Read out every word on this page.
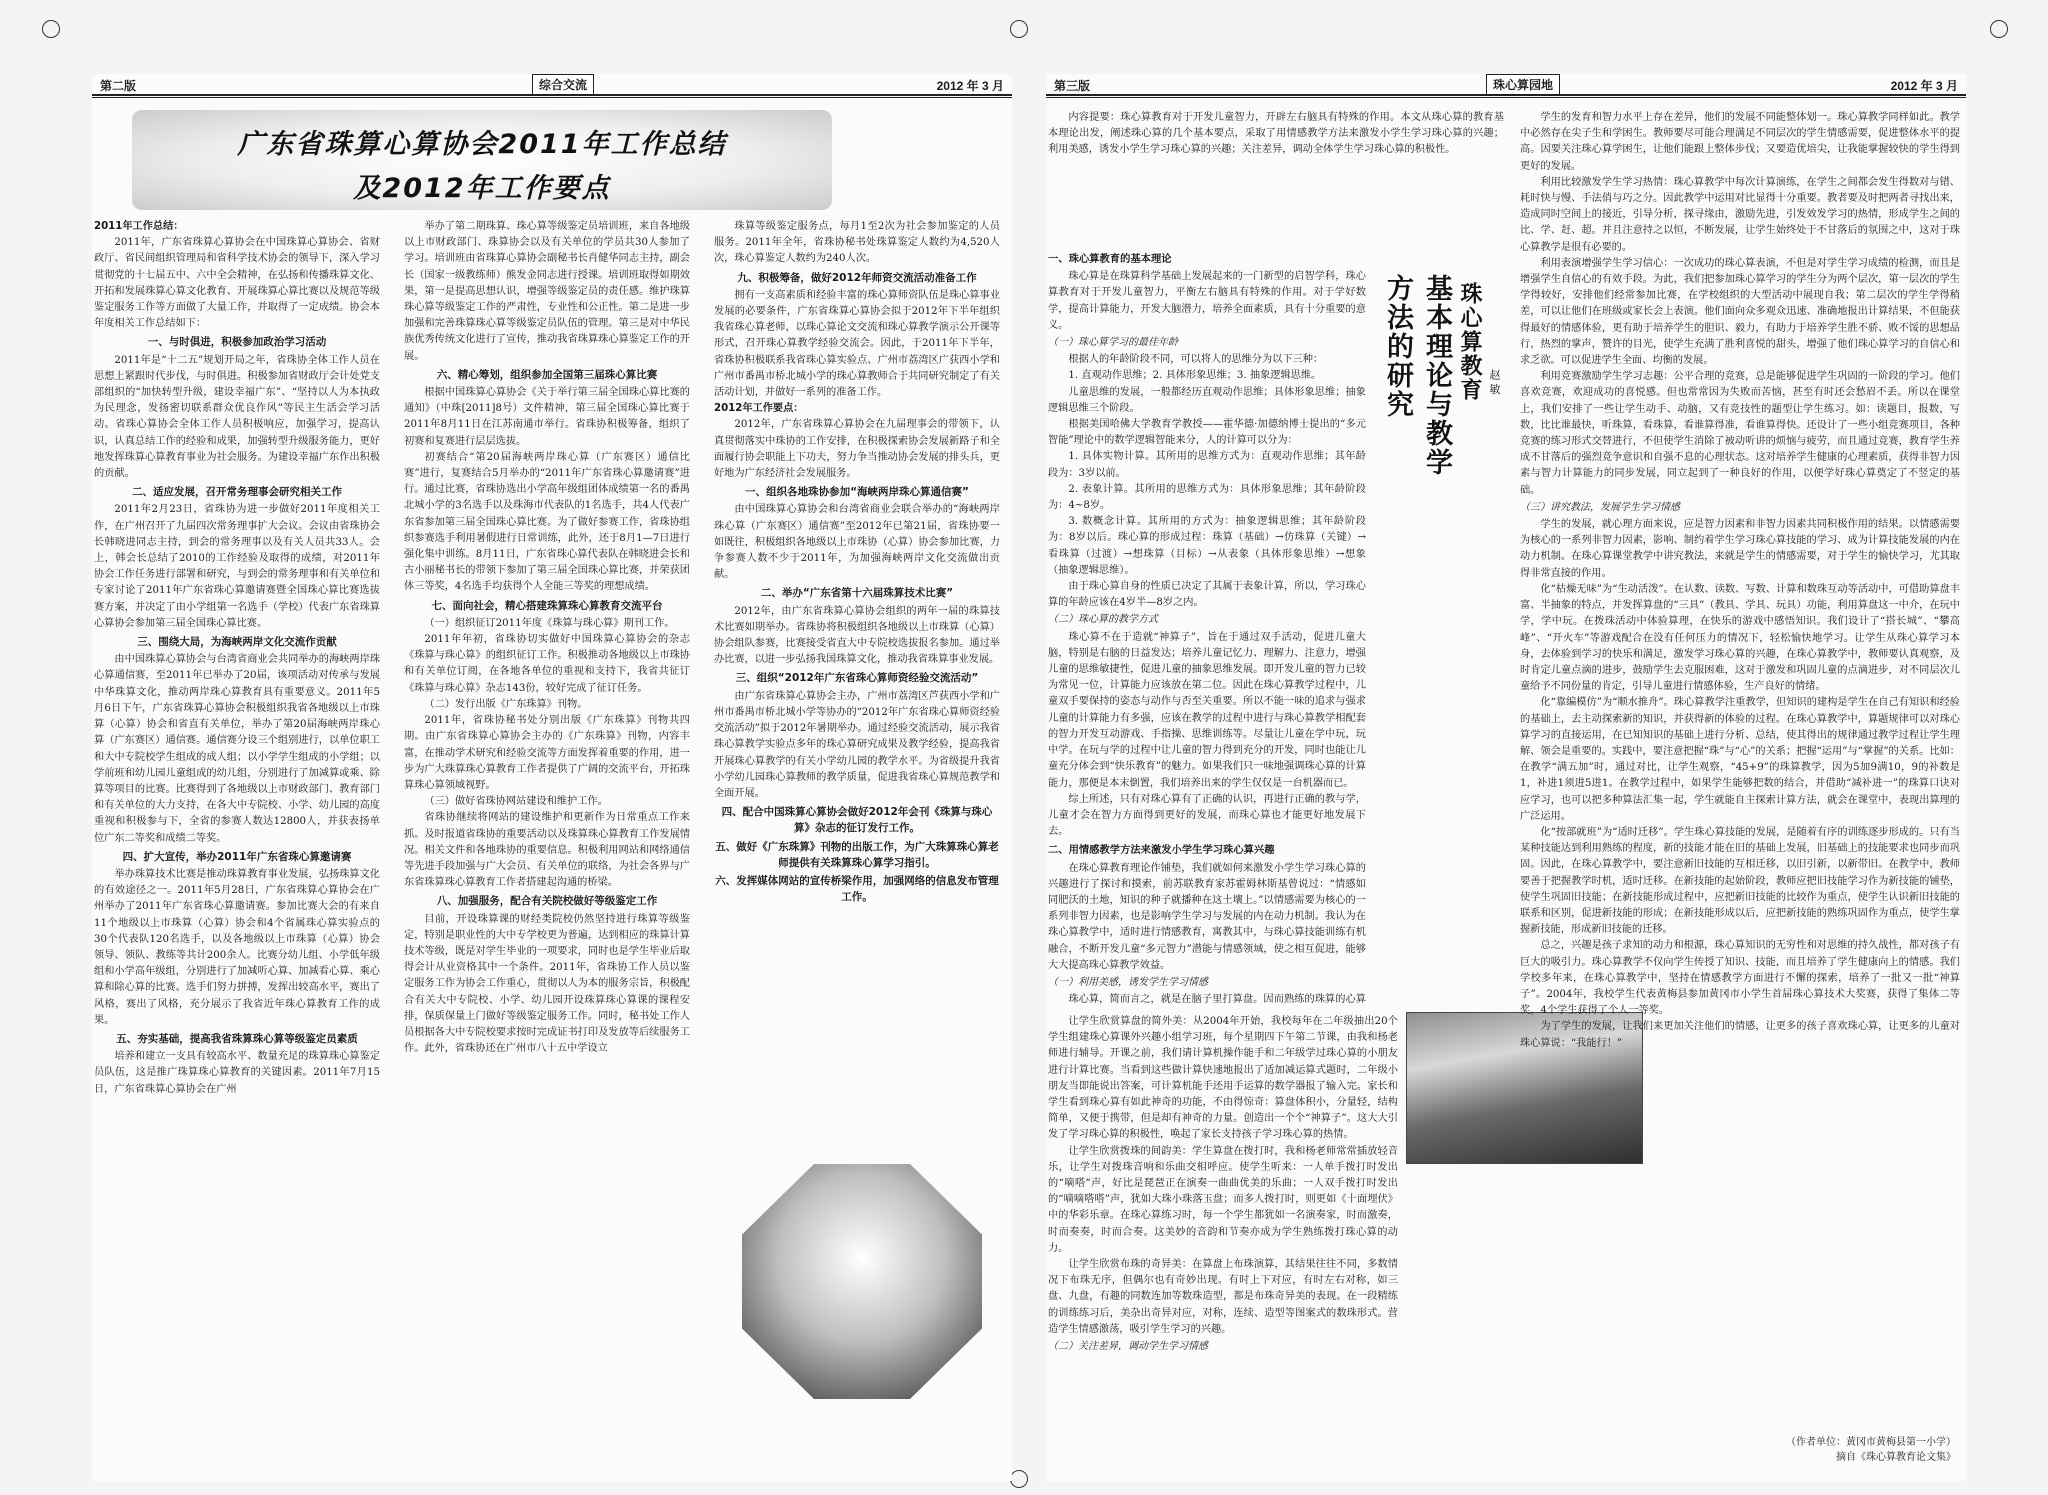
第二版	综合交流	2012 年 3 月
广东省珠算心算协会2011年工作总结
及2012年工作要点

2011年工作总结：

2011年，广东省珠算心算协会在中国珠算心算协会、省财政厅、省民间组织管理局和省科学技术协会的领导下，深入学习贯彻党的十七届五中、六中全会精神，在弘扬和传播珠算文化、开拓和发展珠算心算文化教育、开展珠算心算比赛以及规范等级鉴定服务工作等方面做了大量工作，并取得了一定成绩。协会本年度相关工作总结如下：

一、与时俱进，积极参加政治学习活动

2011年是“十二五”规划开局之年，省珠协全体工作人员在思想上紧跟时代步伐，与时俱进。积极参加省财政厅会计处党支部组织的“加快转型升级，建设幸福广东”、“坚持以人为本执政为民理念，发扬密切联系群众优良作风”等民主生活会学习活动。省珠心算协会全体工作人员积极响应，加强学习，提高认识，认真总结工作的经验和成果，加强转型升级服务能力，更好地发挥珠算心算教育事业为社会服务。为建设幸福广东作出积极的贡献。

二、适应发展，召开常务理事会研究相关工作

2011年2月23日，省珠协为进一步做好2011年度相关工作，在广州召开了九届四次常务理事扩大会议。会议由省珠协会长韩晓进同志主持，到会的常务理事以及有关人员共33人。会上，韩会长总结了2010的工作经验及取得的成绩，对2011年协会工作任务进行部署和研究，与到会的常务理事和有关单位和专家讨论了2011年广东省珠心算邀请赛暨全国珠心算比赛选拔赛方案，并决定了由小学组第一名选手（学校）代表广东省珠算心算协会参加第三届全国珠心算比赛。

三、围绕大局，为海峡两岸文化交流作贡献

由中国珠算心算协会与台湾省商业会共同举办的海峡两岸珠心算通信赛，至2011年已举办了20届，该项活动对传承与发展中华珠算文化，推动两岸珠心算教育具有重要意义。2011年5月6日下午，广东省珠算心算协会积极组织我省各地级以上市珠算（心算）协会和省直有关单位，举办了第20届海峡两岸珠心算（广东赛区）通信赛。通信赛分设三个组别进行，以单位职工和大中专院校学生组成的成人组；以小学学生组成的小学组；以学前班和幼儿园儿童组成的幼儿组，分别进行了加减算或乘、除算等项目的比赛。比赛得到了各地级以上市财政部门、教育部门和有关单位的大力支持，在各大中专院校、小学、幼儿园的高度重视和积极参与下，全省的参赛人数达12800人，并获表扬单位广东二等奖和成绩二等奖。

四、扩大宣传，举办2011年广东省珠心算邀请赛

举办珠算技术比赛是推动珠算教育事业发展，弘扬珠算文化的有效途径之一。2011年5月28日，广东省珠算心算协会在广州举办了2011年广东省珠心算邀请赛。参加比赛大会的有来自11个地级以上市珠算（心算）协会和4个省属珠心算实验点的30个代表队120名选手，以及各地级以上市珠算（心算）协会领导、领队、教练等共计200余人。比赛分幼儿组、小学低年级组和小学高年级组，分别进行了加减听心算、加减看心算、乘心算和除心算的比赛。选手们努力拼搏，发挥出较高水平，赛出了风格，赛出了风格，充分展示了我省近年珠心算教育工作的成果。

五、夯实基础，提高我省珠算珠心算等级鉴定员素质

培养和建立一支具有较高水平、数量充足的珠算珠心算鉴定员队伍，这是推广珠算珠心算教育的关键因素。2011年7月15日，广东省珠算心算协会在广州

举办了第二期珠算、珠心算等级鉴定员培训班，来自各地级以上市财政部门、珠算协会以及有关单位的学员共30人参加了学习。培训班由省珠算心算协会副秘书长肖健华同志主持，副会长（国家一级教练师）熊发金同志进行授课。培训班取得如期效果，第一是提高思想认识，增强等级鉴定员的责任感。维护珠算珠心算等级鉴定工作的严肃性，专业性和公正性。第二是进一步加强和完善珠算珠心算等级鉴定员队伍的管理。第三是对中华民族优秀传统文化进行了宣传，推动我省珠算珠心算鉴定工作的开展。

六、精心筹划，组织参加全国第三届珠心算比赛

根据中国珠算心算协会《关于举行第三届全国珠心算比赛的通知》（中珠[2011]8号）文件精神，第三届全国珠心算比赛于2011年8月11日在江苏南通市举行。省珠协积极筹备，组织了初赛和复赛进行层层选拔。

初赛结合“第20届海峡两岸珠心算（广东赛区）通信比赛”进行，复赛结合5月举办的“2011年广东省珠心算邀请赛”进行。通过比赛，省珠协选出小学高年级组团体成绩第一名的番禺北城小学的3名选手以及珠海市代表队的1名选手，共4人代表广东省参加第三届全国珠心算比赛。为了做好参赛工作，省珠协组织参赛选手利用暑假进行日常训练，此外，还于8月1—7日进行强化集中训练。8月11日，广东省珠心算代表队在韩晓进会长和古小丽秘书长的带领下参加了第三届全国珠心算比赛，并荣获团体三等奖，4名选手均获得个人全能三等奖的理想成绩。

七、面向社会，精心搭建珠算珠心算教育交流平台

（一）组织征订2011年度《珠算与珠心算》期刊工作。

2011年年初，省珠协切实做好中国珠算心算协会的杂志《珠算与珠心算》的组织征订工作。积极推动各地级以上市珠协和有关单位订阅，在各地各单位的重视和支持下，我省共征订《珠算与珠心算》杂志143份，较好完成了征订任务。

（二）发行出版《广东珠算》刊物。

2011年，省珠协秘书处分别出版《广东珠算》刊物共四期。由广东省珠算心算协会主办的《广东珠算》刊物，内容丰富，在推动学术研究和经验交流等方面发挥着重要的作用，进一步为广大珠算珠心算教育工作者提供了广阔的交流平台，开拓珠算珠心算领域视野。

（三）做好省珠协网站建设和维护工作。

省珠协继续将网站的建设维护和更新作为日常重点工作来抓。及时报道省珠协的重要活动以及珠算珠心算教育工作发展情况。相关文件和各地珠协的重要信息。积极利用网站和网络通信等先进手段加强与广大会员、有关单位的联络，为社会各界与广东省珠算珠心算教育工作者搭建起沟通的桥梁。

八、加强服务，配合有关院校做好等级鉴定工作

目前，开设珠算课的财经类院校仍然坚持进行珠算等级鉴定，特别是职业性的大中专学校更为普遍，达到相应的珠算计算技术等级，既是对学生毕业的一项要求，同时也是学生毕业后取得会计从业资格其中一个条件。2011年，省珠协工作人员以鉴定服务工作为协会工作重心，贯彻以人为本的服务宗旨，积极配合有关大中专院校、小学、幼儿园开设珠算珠心算课的课程安排，保质保量上门做好等级鉴定服务工作。同时，秘书处工作人员根据各大中专院校要求按时完成证书打印及发放等后续服务工作。此外，省珠协还在广州市八十五中学设立

珠算等级鉴定服务点，每月1至2次为社会参加鉴定的人员服务。2011年全年，省珠协秘书处珠算鉴定人数约为4,520人次，珠心算鉴定人数约为240人次。

九、积极筹备，做好2012年师资交流活动准备工作

拥有一支高素质和经验丰富的珠心算师资队伍是珠心算事业发展的必要条件，广东省珠算心算协会拟于2012年下半年组织我省珠心算老师，以珠心算论文交流和珠心算教学演示公开课等形式，召开珠心算教学经验交流会。因此，于2011年下半年，省珠协积极联系我省珠心算实验点、广州市荔湾区广获西小学和广州市番禺市桥北城小学的珠心算教师合于共同研究制定了有关活动计划，并做好一系列的准备工作。

2012年工作要点：

2012年，广东省珠算心算协会在九届理事会的带领下，认真贯彻落实中珠协的工作安排，在积极探索协会发展新路子和全面履行协会职能上下功夫，努力争当推动协会发展的排头兵，更好地为广东经济社会发展服务。

一、组织各地珠协参加“海峡两岸珠心算通信赛”

由中国珠算心算协会和台湾省商业会联合举办的“海峡两岸珠心算（广东赛区）通信赛”至2012年已第21届，省珠协要一如既往，积极组织各地级以上市珠协（心算）协会参加比赛，力争参赛人数不少于2011年，为加强海峡两岸文化交流做出贡献。

二、举办“广东省第十六届珠算技术比赛”

2012年，由广东省珠算心算协会组织的两年一届的珠算技术比赛如期举办。省珠协将积极组织各地级以上市珠算（心算）协会组队参赛，比赛接受省直大中专院校选拔报名参加。通过举办比赛，以进一步弘扬我国珠算文化，推动我省珠算事业发展。

三、组织“2012年广东省珠心算师资经验交流活动”

由广东省珠算心算协会主办，广州市荔湾区芦获西小学和广州市番禺市桥北城小学等协办的“2012年广东省珠心算师资经验交流活动”拟于2012年暑期举办。通过经验交流活动，展示我省珠心算教学实验点多年的珠心算研究成果及教学经验，提高我省开展珠心算教学的有关小学幼儿园的教学水平。为省级提升我省小学幼儿园珠心算教师的教学质量，促进我省珠心算规范教学和全面开展。

四、配合中国珠算心算协会做好2012年会刊《珠算与珠心算》杂志的征订发行工作。
五、做好《广东珠算》刊物的出版工作，为广大珠算珠心算老师提供有关珠算珠心算学习指引。
六、发挥媒体网站的宣传桥梁作用，加强网络的信息发布管理工作。
第三版	珠心算园地	2012 年 3 月

内容提要：珠心算教育对于开发儿童智力，开辟左右脑具有特殊的作用。本文从珠心算的教育基本理论出发，阐述珠心算的几个基本要点，采取了用情感教学方法来激发小学生学习珠心算的兴趣；利用美感，诱发小学生学习珠心算的兴趣；关注差异，调动全体学生学习珠心算的积极性。

一、珠心算教育的基本理论

珠心算是在珠算科学基础上发展起来的一门新型的启智学科，珠心算教育对于开发儿童智力，平衡左右脑具有特殊的作用。对于学好数学，提高计算能力，开发大脑潜力，培养全面素质，具有十分重要的意义。

（一）珠心算学习的最佳年龄

根据人的年龄阶段不同，可以将人的思维分为以下三种：

1. 直观动作思维；2. 具体形象思维；3. 抽象逻辑思维。

儿童思维的发展，一般都经历直观动作思维；具体形象思维；抽象逻辑思维三个阶段。

根据美国哈佛大学教育学教授——霍华德·加德纳博士提出的“多元智能”理论中的数学逻辑智能来分，人的计算可以分为：

1. 具体实物计算。其所用的思维方式为：直观动作思维；其年龄段为：3岁以前。

2. 表象计算。其所用的思维方式为：具体形象思维；其年龄阶段为：4~8岁。

3. 数概念计算。其所用的方式为：抽象逻辑思维；其年龄阶段为：8岁以后。珠心算的形成过程：珠算（基础）→仿珠算（关键）→看珠算（过渡）→想珠算（目标）→从表象（具体形象思维）→想象（抽象逻辑思维）。

由于珠心算自身的性质已决定了其属于表象计算，所以，学习珠心算的年龄应该在4岁半—8岁之内。

（二）珠心算的教学方式

珠心算不在于造就“神算子”，旨在于通过双手活动，促进儿童大脑，特别是右脑的日益发达；培养儿童记忆力、理解力、注意力，增强儿童的思维敏捷性，促进儿童的抽象思维发展。即开发儿童的智力已较为常见一位，计算能力应该放在第二位。因此在珠心算教学过程中，儿童双手要保持的姿态与动作与否至关重要。所以不能一味的追求与强求儿童的计算能力有多强，应该在教学的过程中进行与珠心算教学相配套的智力开发互动游戏、手指操、思维训练等。尽量让儿童在学中玩，玩中学。在玩与学的过程中让儿童的智力得到充分的开发，同时也能让儿童充分体会到“快乐教育”的魅力。如果我们只一味地强调珠心算的计算能力，那便是本末倒置，我们培养出来的学生仅仅是一台机器而已。

综上所述，只有对珠心算有了正确的认识，再进行正确的教与学，儿童才会在智力方面得到更好的发展，而珠心算也才能更好地发展下去。

二、用情感教学方法来激发小学生学习珠心算兴趣

在珠心算教育理论作铺垫，我们就如何来激发小学生学习珠心算的兴趣进行了探讨和摸索，前苏联教育家苏霍姆林斯基曾说过：“情感如同肥沃的土地，知识的种子就播种在这土壤上。”以情感需要为核心的一系列非智力因素，也是影响学生学习与发展的内在动力机制。我认为在珠心算教学中，适时进行情感教育，寓教其中，与珠心算技能训练有机融合，不断开发儿童“多元智力”潜能与情感领域，使之相互促进，能够大大提高珠心算教学效益。

（一）利用美感，诱发学生学习情感

珠心算，简而言之，就是在脑子里打算盘。因而熟练的珠算的心算

基本理论与教学方法的研究	珠心算教育 赵 敏

让学生欣赏算盘的简外美：从2004年开始，我校每年在二年级抽出20个学生组建珠心算课外兴趣小组学习班，每个星期四下午第二节课，由我和杨老师进行辅导。开课之前，我们请计算机操作能手和二年级学过珠心算的小朋友进行计算比赛。当看到这些做计算快速地报出了适加减运算式题时，二年级小朋友当即能说出答案，可计算机能手还用手运算的数学器报了输入完。家长和学生看到珠心算有如此神奇的功能，不由得惊奇：算盘体积小，分量轻，结构简单，又便于携带，但是却有神奇的力量。创造出一个个“神算子”。这大大引发了学习珠心算的积极性，唤起了家长支持孩子学习珠心算的热情。

让学生欣赏拨珠的间韵美：学生算盘在拨打时，我和杨老师常常插放轻音乐，让学生对拨珠音响和乐曲交相呼应。使学生听来：一人单手拨打时发出的“嘀嗒”声，好比是琵琶正在演奏一曲曲优美的乐曲；一人双手拨打时发出的“嘀嘀嗒嗒”声，犹如大珠小珠落玉盘；而多人拨打时，则更如《十面埋伏》中的华彩乐章。在珠心算练习时，每一个学生都犹如一名演奏家，时而激奏，时而奏奏，时而合奏。这美妙的音韵和节奏亦成为学生熟练拨打珠心算的动力。

让学生欣赏布珠的奇异美：在算盘上布珠演算，其结果往往不同，多数情况下布珠无序，但偶尔也有奇妙出现。有时上下对应，有时左右对称，如三盘、九盘，有趣的同数连加等数珠造型，都是布珠奇异美的表现。在一段精练的训练练习后，美杂出奇异对应，对称，连续、造型等图案式的数珠形式。营造学生情感激荡，吸引学生学习的兴趣。

（二）关注差异，调动学生学习情感

学生的发育和智力水平上存在差异，他们的发展不同能整体划一。珠心算教学同样如此。教学中必然存在尖子生和学困生。教师要尽可能合理满足不同层次的学生情感需要，促进整体水平的提高。因要关注珠心算学困生，让他们能跟上整体步伐；又要造优培尖，让我能掌握较快的学生得到更好的发展。

利用比较激发学生学习热情：珠心算教学中每次计算演练，在学生之间都会发生得数对与错、耗时快与慢、手法俏与巧之分。因此教学中运用对比显得十分重要。教者要及时把两者寻找出来，造成同时空间上的接近，引导分析，探寻缘由，激励先进，引发效发学习的热情，形成学生之间的比、学、赶、超。并且注意持之以恒，不断发展，让学生始终处于不甘落后的氛围之中，这对于珠心算教学是很有必要的。

利用表演增强学生学习信心：一次成功的珠心算表演，不但是对学生学习成绩的检测，而且是增强学生自信心的有效手段。为此，我们把参加珠心算学习的学生分为两个层次，第一层次的学生学得较好，安排他们经常参加比赛，在学校组织的大型活动中展现自我；第二层次的学生学得稍差，可以让他们在班级或家长会上表演。他们面向众多观众迅速、准确地报出计算结果，不但能获得最好的情感体验，更有助于培养学生的胆识、毅力，有助力于培养学生胜不骄、败不馁的思想品行，热烈的掌声，赞许的目光，使学生充满了胜利喜悦的甜头，增强了他们珠心算学习的自信心和求乏欲。可以促进学生全面、均衡的发展。

利用竞赛激励学生学习志趣：公平合理的竞赛，总是能够促进学生巩固的一阶段的学习。他们喜欢竞赛，欢迎成功的喜悦感。但也常常因为失败而苦恼，甚至有时还会愁眉不丢。所以在课堂上，我们安排了一些让学生动手、动脑，又有竞技性的题型让学生练习。如：读题目，报数，写数，比比谁最快，听珠算，看珠算，看谁算得准，看谁算得快。还设计了一些小组竞赛项目，各种竞赛的练习形式交替进行，不但使学生消除了被动听讲的烦恼与疲劳，而且通过竞赛，教育学生养成不甘落后的强烈竞争意识和自强不息的心理状态。这对培养学生健康的心理素质，获得非智力因素与智力计算能力的同步发展，同立起到了一种良好的作用，以便学好珠心算奠定了不竖定的基础。

（三）讲究教法，发展学生学习情感

学生的发展，就心理方面来说，应是智力因素和非智力因素共同积极作用的结果。以情感需要为核心的一系列非智力因素，影响、制约着学生学习珠心算技能的学习、成为计算技能发展的内在动力机制。在珠心算课堂教学中讲究教法，来就是学生的情感需要，对于学生的愉快学习，尤其取得非常直接的作用。

化“枯燥无味”为“生动活泼”。在认数、读数、写数、计算和数珠互动等活动中，可借助算盘丰富、半抽象的特点，并发挥算盘的“三具”（教具、学具、玩具）功能，利用算盘这一中介，在玩中学，学中玩。在拨珠活动中体验算理，在快乐的游戏中感悟知识。我们设计了“搭长城”、“攀高峰”、“开火车”等游戏配合在没有任何压力的情况下，轻松愉快地学习。让学生从珠心算学习本身，去体验到学习的快乐和满足，激发学习珠心算的兴趣，在珠心算教学中，教师要认真观察，及时肯定儿童点滴的进步，鼓励学生去克服困难，这对于激发和巩固儿童的点滴进步，对不同层次儿童给予不同份量的肯定，引导儿童进行情感体验，生产良好的情绪。

化“靠编模仿”为“顺水推舟”。珠心算教学注重教学，但知识的建构是学生在自己有知识和经验的基础上，去主动探索新的知识，并获得新的体验的过程。在珠心算教学中，算题规律可以对珠心算学习的直接运用，在已知知识的基础上进行分析、总结，使其得出的规律通过教学过程让学生理解、领会是重要的。实践中，要注意把握“珠”与“心”的关系；把握“运用”与“掌握”的关系。比如：在教学“满五加”时，通过对比，让学生观察，“45+9”的珠算教学，因为5加9满10，9的补数是1，补进1须进5进1。在教学过程中，如果学生能够把数的结合，并借助“减补进一”的珠算口诀对应学习，也可以把多种算法汇集一起，学生就能自主探索计算方法，就会在课堂中，表现出算理的广泛运用。

化“按部就班”为“适时迁移”。学生珠心算技能的发展，是随着有序的训练逐步形成的。只有当某种技能达到利用熟练的程度，新的技能才能在旧的基础上发展，旧基础上的技能要求也同步而巩固。因此，在珠心算教学中，要注意新旧技能的互相迁移，以旧引新，以新带旧。在教学中，教师要善于把握教学时机，适时迁移。在新技能的起始阶段，教师应把旧技能学习作为新技能的铺垫，使学生巩固旧技能；在新技能形成过程中，应把新旧技能的比较作为重点，使学生认识新旧技能的联系和区别，促进新技能的形成；在新技能形成以后，应把新技能的熟练巩固作为重点，使学生掌握新技能，形成新旧技能的迁移。

总之，兴趣是孩子求知的动力和根源，珠心算知识的无穷性和对思维的持久战性，都对孩子有巨大的吸引力。珠心算教学不仅向学生传授了知识、技能，而且培养了学生健康向上的情感。我们学校多年来，在珠心算教学中，坚持在情感教学方面进行不懈的探索，培养了一批又一批“神算子”。2004年，我校学生代表黄梅县参加黄冈市小学生首届珠心算技术大奖赛，获得了集体二等奖，4个学生获得了个人一等奖。

为了学生的发展，让我们来更加关注他们的情感，让更多的孩子喜欢珠心算，让更多的儿童对珠心算说：“我能行！”

（作者单位：黄冈市黄梅县第一小学）
摘自《珠心算教育论文集》
